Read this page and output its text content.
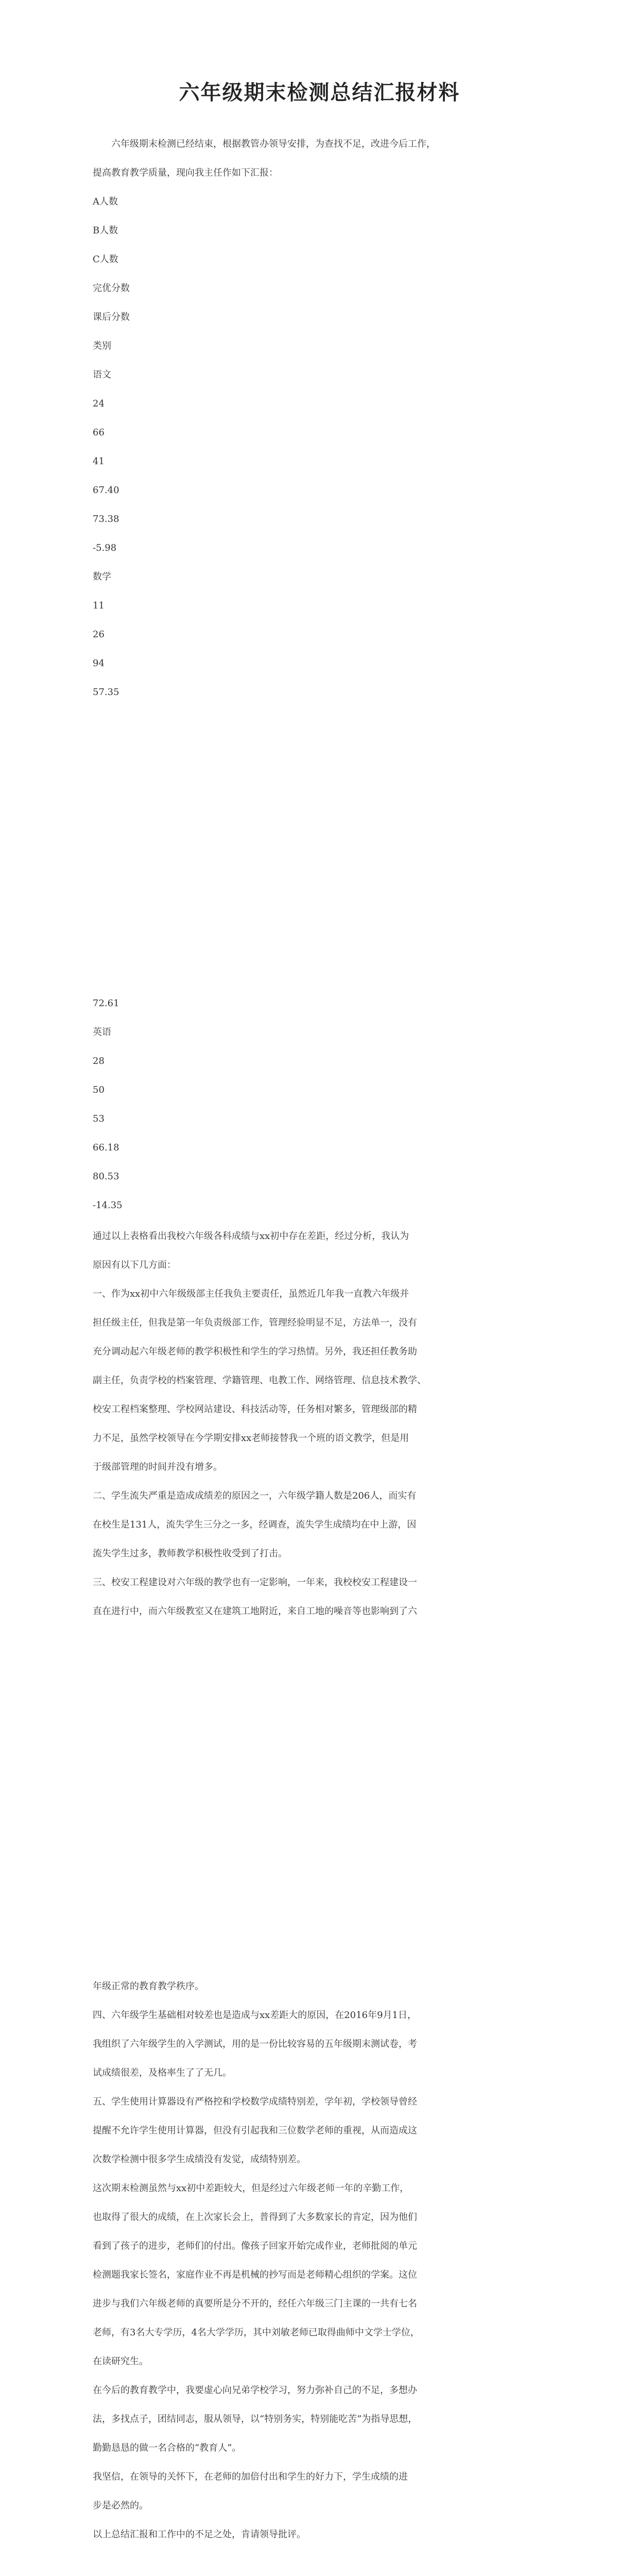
六年级期末检测总结汇报材料

六年级期末检测已经结束，根据教管办领导安排，为查找不足，改进今后工作，

提高教育教学质量，现向我主任作如下汇报：

A人数
B人数
C人数
完优分数
课后分数
类别
语文
24
66
41
67.40
73.38
-5.98
数学
11
26
94
57.35
72.61
英语
28
50
53
66.18
80.53
-14.35

通过以上表格看出我校六年级各科成绩与xx初中存在差距，经过分析，我认为

原因有以下几方面：

一、作为xx初中六年级级部主任我负主要责任，虽然近几年我一直教六年级并

担任级主任，但我是第一年负责级部工作，管理经验明显不足，方法单一，没有

充分调动起六年级老师的教学积极性和学生的学习热情。另外，我还担任教务助

副主任，负责学校的档案管理、学籍管理、电教工作、网络管理、信息技术教学、

校安工程档案整理、学校网站建设、科技活动等，任务相对繁多，管理级部的精

力不足，虽然学校领导在今学期安排xx老师接替我一个班的语文教学，但是用

于级部管理的时间并没有增多。

二、学生流失严重是造成成绩差的原因之一，六年级学籍人数是206人，而实有

在校生是131人，流失学生三分之一多，经调查，流失学生成绩均在中上游，因

流失学生过多，教师教学积极性收受到了打击。

三、校安工程建设对六年级的教学也有一定影响，一年来，我校校安工程建设一

直在进行中，而六年级教室又在建筑工地附近，来自工地的噪音等也影响到了六

年级正常的教育教学秩序。

四、六年级学生基础相对较差也是造成与xx差距大的原因，在2016年9月1日，

我组织了六年级学生的入学测试，用的是一份比较容易的五年级期末测试卷，考

试成绩很差，及格率生了了无几。

五、学生使用计算器设有严格控和学校数学成绩特别差，学年初，学校领导曾经

提醒不允许学生使用计算器，但没有引起我和三位数学老师的重视，从而造成这

次数学检测中很多学生成绩没有发觉，成绩特别差。

这次期末检测虽然与xx初中差距较大，但是经过六年级老师一年的辛勤工作，

也取得了很大的成绩，在上次家长会上，普得到了大多数家长的肯定，因为他们

看到了孩子的进步，老师们的付出。像孩子回家开始完成作业，老师批阅的单元

检测题我家长签名，家庭作业不再是机械的抄写而是老师精心组织的学案。这位

进步与我们六年级老师的真要所是分不开的，经任六年级三门主课的一共有七名

老师，有3名大专学历，4名大学学历，其中刘敏老师已取得曲师中文学士学位，

在读研究生。

在今后的教育教学中，我要虚心向兄弟学校学习，努力弥补自己的不足，多想办

法，多找点子，团结同志，服从领导，以“特别务实，特别能吃苦”为指导思想，

勤勤恳恳的做一名合格的“教育人”。

我坚信，在领导的关怀下，在老师的加倍付出和学生的好力下，学生成绩的进

步是必然的。

以上总结汇报和工作中的不足之处，肯请领导批评。
